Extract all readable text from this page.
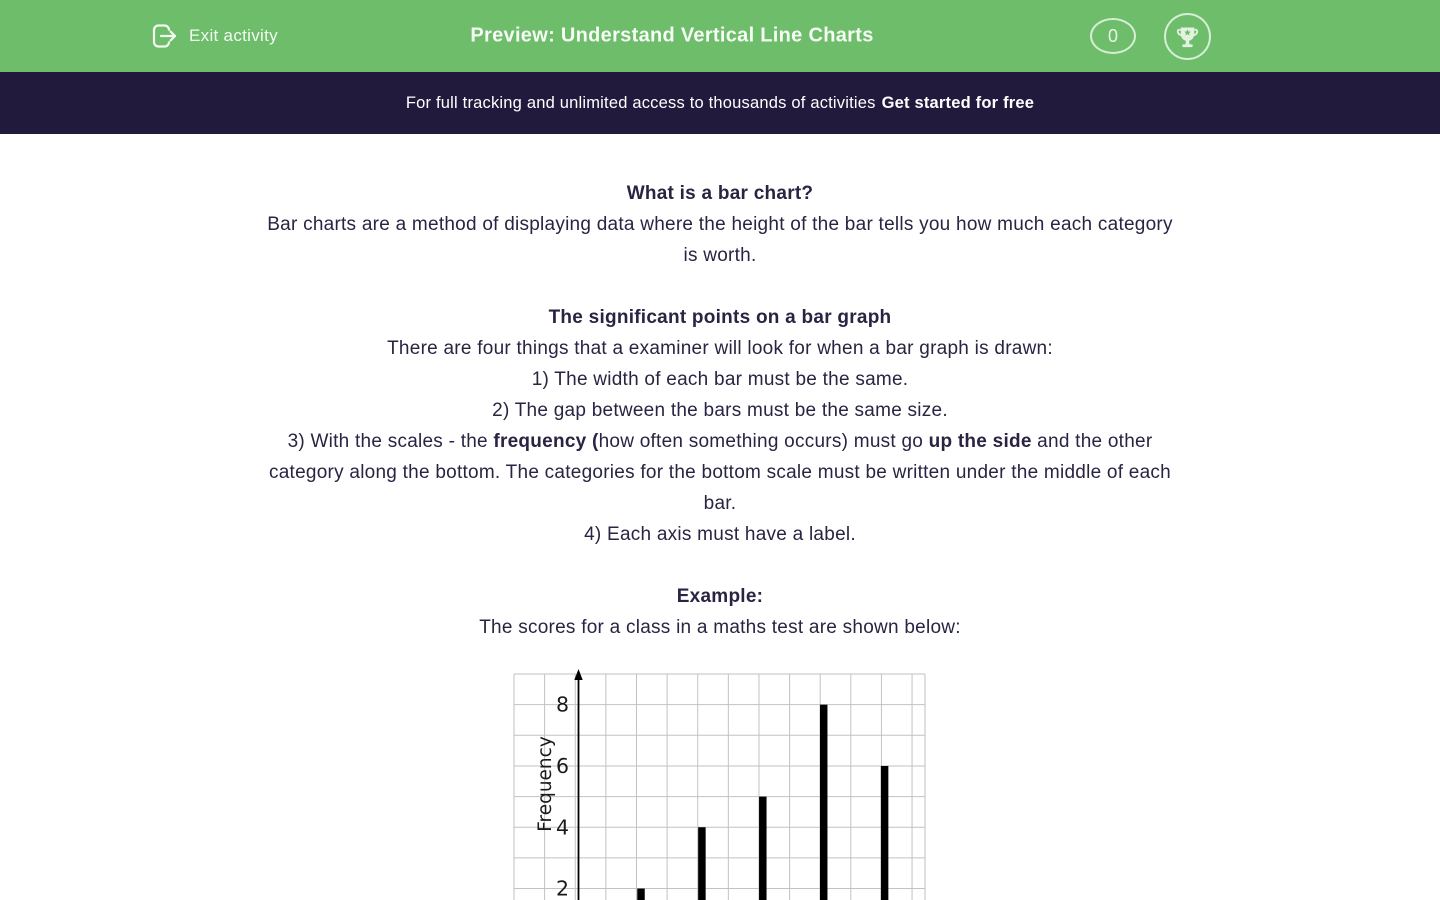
Exit activity	Preview: Understand Vertical Line Charts	0
For full tracking and unlimited access to thousands of activities Get started for free
What is a bar chart?
Bar charts are a method of displaying data where the height of the bar tells you how much each category
is worth.
The significant points on a bar graph
There are four things that a examiner will look for when a bar graph is drawn:
1) The width of each bar must be the same.
2) The gap between the bars must be the same size.
3) With the scales - the frequency (how often something occurs) must go up the side and the other
category along the bottom. The categories for the bottom scale must be written under the middle of each
bar.
4) Each axis must have a label.
Example:
The scores for a class in a maths test are shown below:
8
6
4
2
Frequency
